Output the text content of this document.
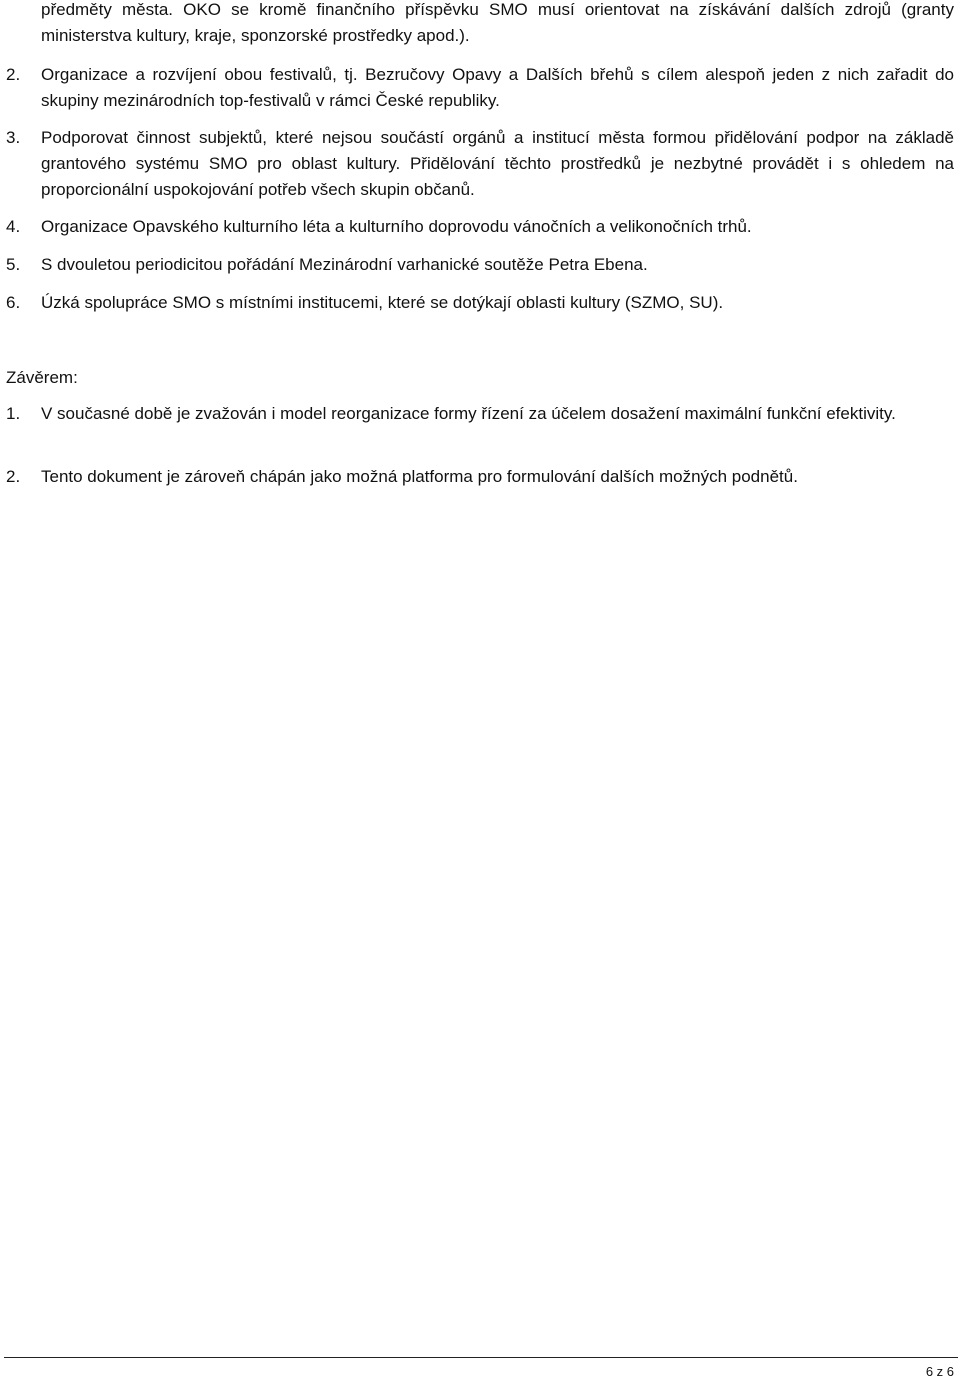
předměty města. OKO se kromě finančního příspěvku SMO musí orientovat na získávání dalších zdrojů (granty ministerstva kultury, kraje, sponzorské prostředky apod.).
2.	Organizace a rozvíjení obou festivalů, tj. Bezručovy Opavy a Dalších břehů s cílem alespoň jeden z nich zařadit do skupiny mezinárodních top-festivalů v rámci České republiky.
3.	Podporovat činnost subjektů, které nejsou součástí orgánů a institucí města formou přidělování podpor na základě grantového systému SMO pro oblast kultury. Přidělování těchto prostředků je nezbytné provádět i s ohledem na proporcionální uspokojování potřeb všech skupin občanů.
4.	Organizace Opavského kulturního léta a kulturního doprovodu vánočních a velikonočních trhů.
5.	S dvouletou periodicitou pořádání Mezinárodní varhanické soutěže Petra Ebena.
6.	Úzká spolupráce SMO s místními institucemi, které se dotýkají oblasti kultury (SZMO, SU).
Závěrem:
1.	V současné době je zvažován i model reorganizace formy řízení za účelem dosažení maximální funkční efektivity.
2.	Tento dokument je zároveň chápán jako možná platforma pro formulování dalších možných podnětů.
6 z 6
